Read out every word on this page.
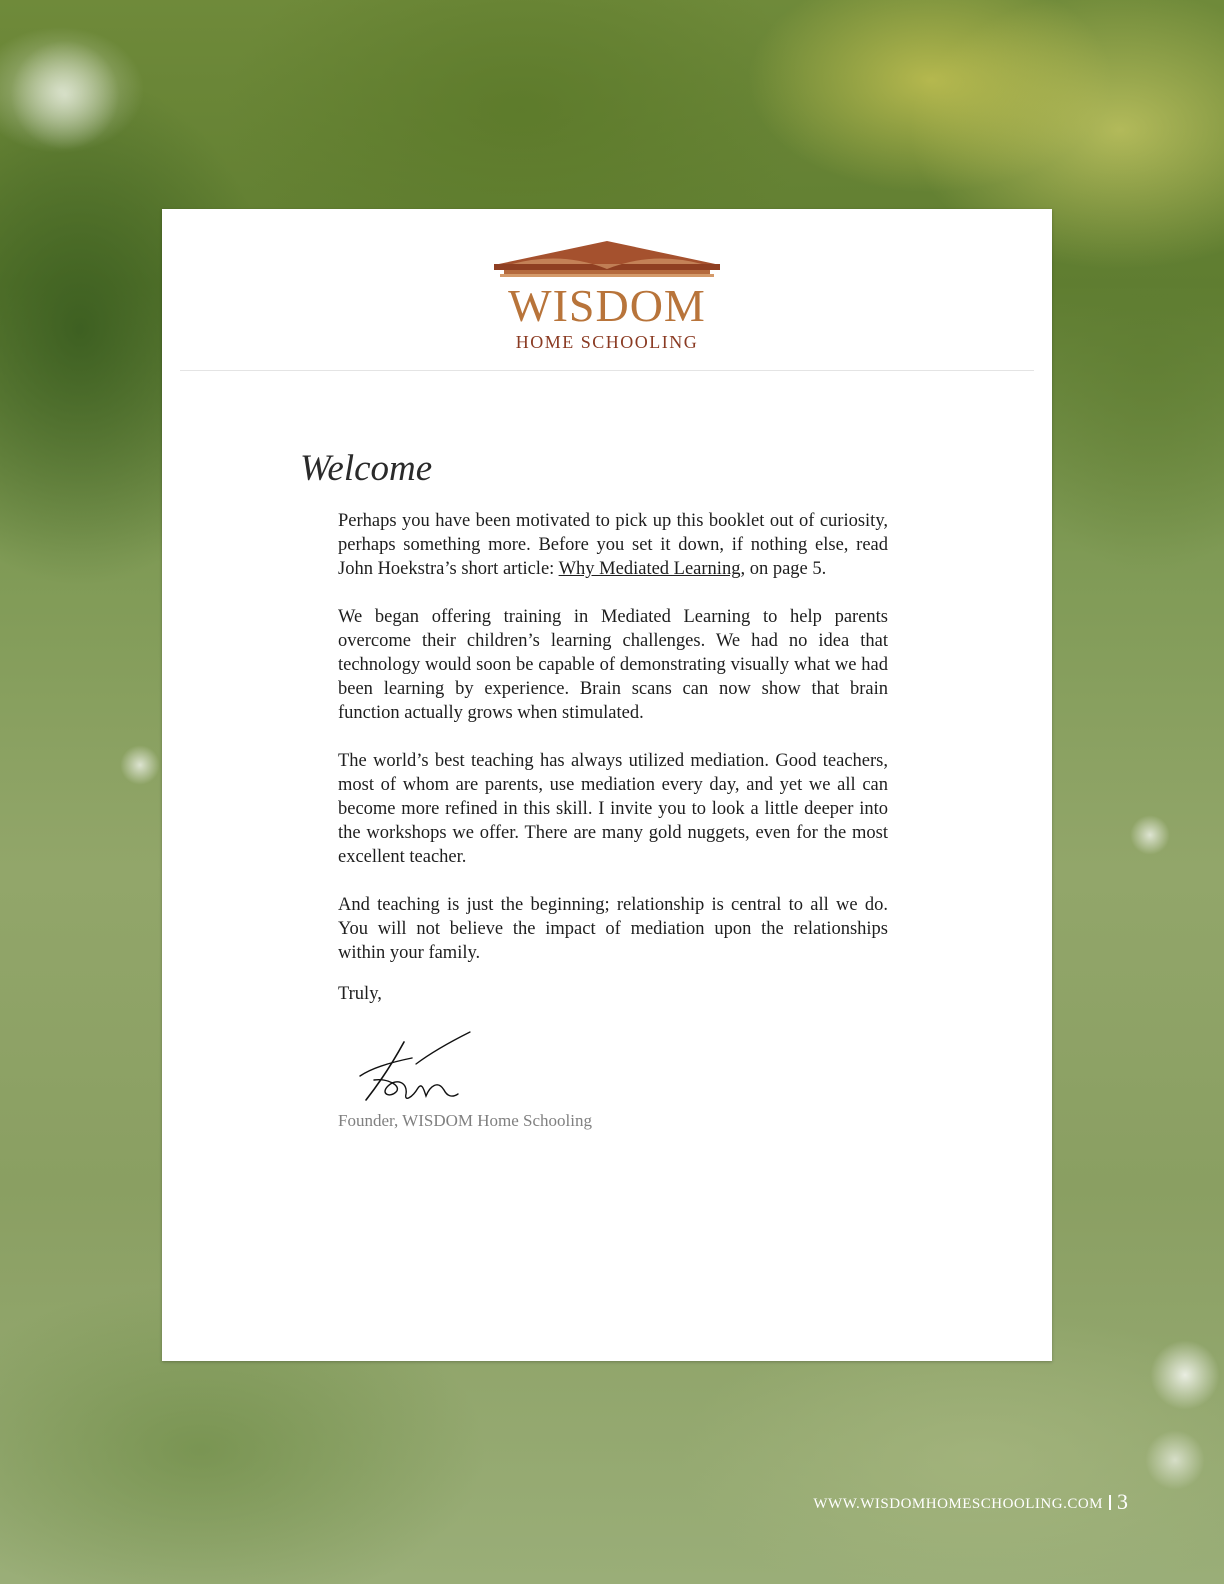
WISDOM
HOME SCHOOLING
Welcome

Perhaps you have been motivated to pick up this booklet out of curiosity, perhaps something more. Before you set it down, if nothing else, read John Hoekstra’s short article: Why Mediated Learning, on page 5.

We began offering training in Mediated Learning to help parents overcome their children’s learning challenges. We had no idea that technology would soon be capable of demonstrating visually what we had been learning by experience. Brain scans can now show that brain function actually grows when stimulated.

The world’s best teaching has always utilized mediation. Good teachers, most of whom are parents, use mediation every day, and yet we all can become more refined in this skill. I invite you to look a little deeper into the workshops we offer. There are many gold nuggets, even for the most excellent teacher.

And teaching is just the beginning; relationship is central to all we do. You will not believe the impact of mediation upon the relationships within your family.

Truly,
Founder, WISDOM Home Schooling
WWW.WISDOMHOMESCHOOLING.COM 3
